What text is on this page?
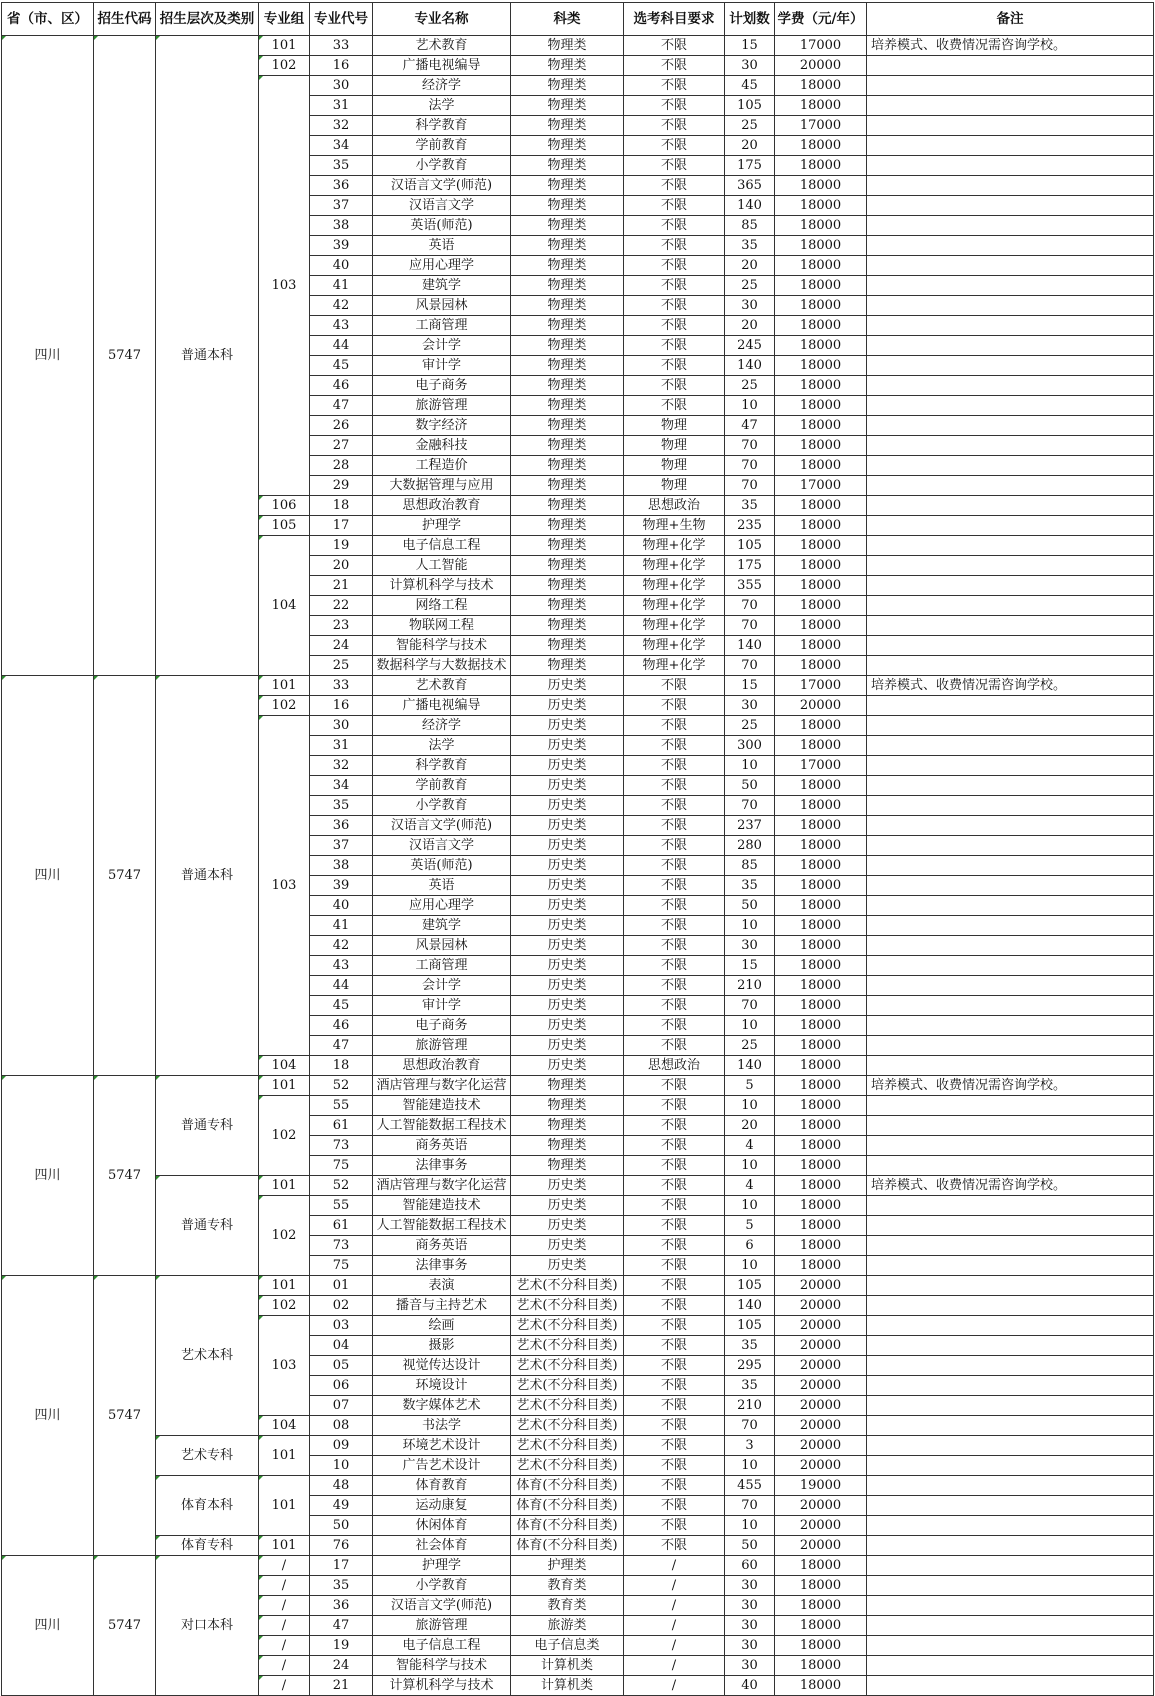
省（市、区）	招生代码	招生层次及类别	专业组	专业代号	专业名称	科类	选考科目要求	计划数	学费（元/年）	备注
四川	5747	普通本科	101	33	艺术教育	物理类	不限	15	17000	培养模式、收费情况需咨询学校。
			102	16	广播电视编导	物理类	不限	30	20000	
			103	30	经济学	物理类	不限	45	18000	
				31	法学	物理类	不限	105	18000	
				32	科学教育	物理类	不限	25	17000	
				34	学前教育	物理类	不限	20	18000	
				35	小学教育	物理类	不限	175	18000	
				36	汉语言文学(师范)	物理类	不限	365	18000	
				37	汉语言文学	物理类	不限	140	18000	
				38	英语(师范)	物理类	不限	85	18000	
				39	英语	物理类	不限	35	18000	
				40	应用心理学	物理类	不限	20	18000	
				41	建筑学	物理类	不限	25	18000	
				42	风景园林	物理类	不限	30	18000	
				43	工商管理	物理类	不限	20	18000	
				44	会计学	物理类	不限	245	18000	
				45	审计学	物理类	不限	140	18000	
				46	电子商务	物理类	不限	25	18000	
				47	旅游管理	物理类	不限	10	18000	
				26	数字经济	物理类	物理	47	18000	
				27	金融科技	物理类	物理	70	18000	
				28	工程造价	物理类	物理	70	18000	
				29	大数据管理与应用	物理类	物理	70	17000	
			106	18	思想政治教育	物理类	思想政治	35	18000	
			105	17	护理学	物理类	物理+生物	235	18000	
			104	19	电子信息工程	物理类	物理+化学	105	18000	
				20	人工智能	物理类	物理+化学	175	18000	
				21	计算机科学与技术	物理类	物理+化学	355	18000	
				22	网络工程	物理类	物理+化学	70	18000	
				23	物联网工程	物理类	物理+化学	70	18000	
				24	智能科学与技术	物理类	物理+化学	140	18000	
				25	数据科学与大数据技术	物理类	物理+化学	70	18000	
四川	5747	普通本科	101	33	艺术教育	历史类	不限	15	17000	培养模式、收费情况需咨询学校。
			102	16	广播电视编导	历史类	不限	30	20000	
			103	30	经济学	历史类	不限	25	18000	
				31	法学	历史类	不限	300	18000	
				32	科学教育	历史类	不限	10	17000	
				34	学前教育	历史类	不限	50	18000	
				35	小学教育	历史类	不限	70	18000	
				36	汉语言文学(师范)	历史类	不限	237	18000	
				37	汉语言文学	历史类	不限	280	18000	
				38	英语(师范)	历史类	不限	85	18000	
				39	英语	历史类	不限	35	18000	
				40	应用心理学	历史类	不限	50	18000	
				41	建筑学	历史类	不限	10	18000	
				42	风景园林	历史类	不限	30	18000	
				43	工商管理	历史类	不限	15	18000	
				44	会计学	历史类	不限	210	18000	
				45	审计学	历史类	不限	70	18000	
				46	电子商务	历史类	不限	10	18000	
				47	旅游管理	历史类	不限	25	18000	
			104	18	思想政治教育	历史类	思想政治	140	18000	
四川	5747	普通专科	101	52	酒店管理与数字化运营	物理类	不限	5	18000	培养模式、收费情况需咨询学校。
			102	55	智能建造技术	物理类	不限	10	18000	
				61	人工智能数据工程技术	物理类	不限	20	18000	
				73	商务英语	物理类	不限	4	18000	
				75	法律事务	物理类	不限	10	18000	
		普通专科	101	52	酒店管理与数字化运营	历史类	不限	4	18000	培养模式、收费情况需咨询学校。
			102	55	智能建造技术	历史类	不限	10	18000	
				61	人工智能数据工程技术	历史类	不限	5	18000	
				73	商务英语	历史类	不限	6	18000	
				75	法律事务	历史类	不限	10	18000	
四川	5747	艺术本科	101	01	表演	艺术(不分科目类)	不限	105	20000	
			102	02	播音与主持艺术	艺术(不分科目类)	不限	140	20000	
			103	03	绘画	艺术(不分科目类)	不限	105	20000	
				04	摄影	艺术(不分科目类)	不限	35	20000	
				05	视觉传达设计	艺术(不分科目类)	不限	295	20000	
				06	环境设计	艺术(不分科目类)	不限	35	20000	
				07	数字媒体艺术	艺术(不分科目类)	不限	210	20000	
			104	08	书法学	艺术(不分科目类)	不限	70	20000	
		艺术专科	101	09	环境艺术设计	艺术(不分科目类)	不限	3	20000	
				10	广告艺术设计	艺术(不分科目类)	不限	10	20000	
		体育本科	101	48	体育教育	体育(不分科目类)	不限	455	19000	
				49	运动康复	体育(不分科目类)	不限	70	20000	
				50	休闲体育	体育(不分科目类)	不限	10	20000	
		体育专科	101	76	社会体育	体育(不分科目类)	不限	50	20000	
四川	5747	对口本科	/	17	护理学	护理类	/	60	18000	
			/	35	小学教育	教育类	/	30	18000	
			/	36	汉语言文学(师范)	教育类	/	30	18000	
			/	47	旅游管理	旅游类	/	30	18000	
			/	19	电子信息工程	电子信息类	/	30	18000	
			/	24	智能科学与技术	计算机类	/	30	18000	
			/	21	计算机科学与技术	计算机类	/	40	18000	
